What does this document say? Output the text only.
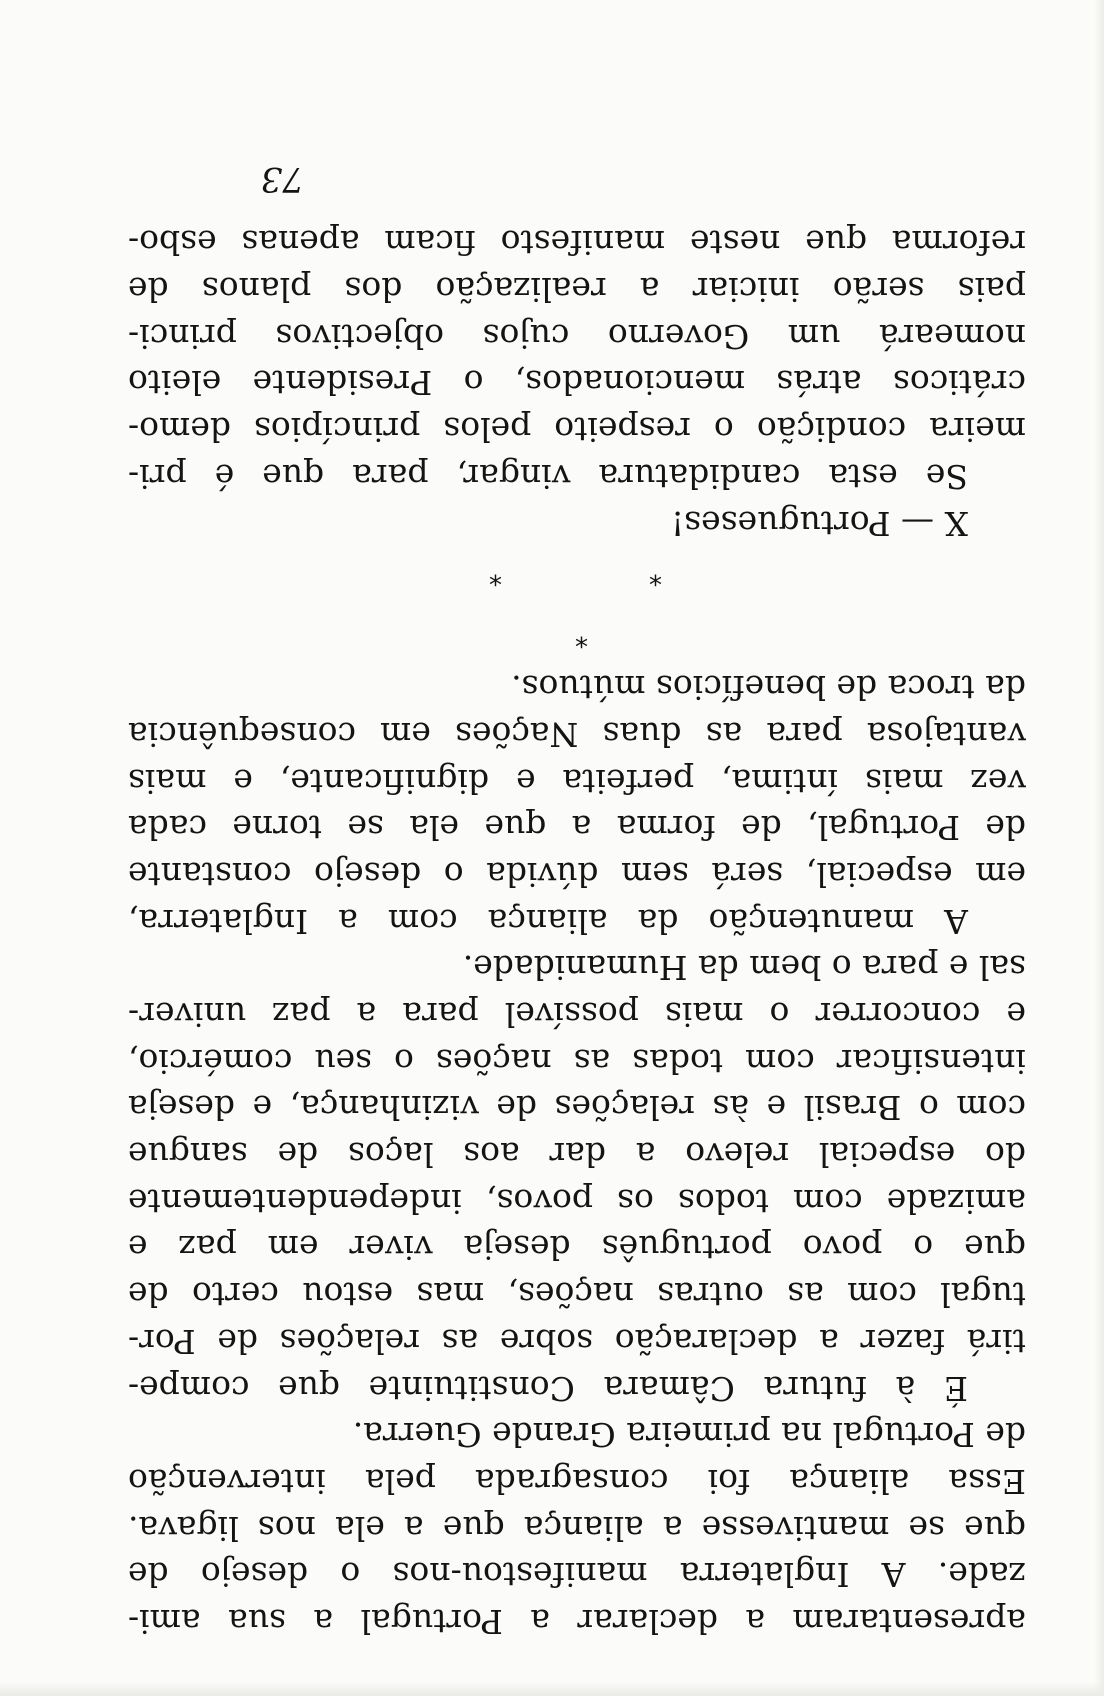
apresentaram a declarar a Portugal a sua ami-
zade. A Inglaterra manifestou-nos o desejo de
que se mantivesse a aliança que a ela nos ligava.
Essa aliança foi consagrada pela intervenção
de Portugal na primeira Grande Guerra.
É à futura Câmara Constituinte que compe-
tirá fazer a declaração sobre as relações de Por-
tugal com as outras nações, mas estou certo de
que o povo português deseja viver em paz e
amizade com todos os povos, independentemente
do especial relevo a dar aos laços de sangue
com o Brasil e às relações de vizinhança, e deseja
intensificar com todas as nações o seu comércio,
e concorrer o mais possível para a paz univer-
sal e para o bem da Humanidade.
A manutenção da aliança com a Inglaterra,
em especial, será sem dúvida o desejo constante
de Portugal, de forma a que ela se torne cada
vez mais íntima, perfeita e dignificante, e mais
vantajosa para as duas Nações em consequência
da troca de benefícios mútuos.
*
*
*
X — Portugueses!
Se esta candidatura vingar, para que é pri-
meira condição o respeito pelos princípios demo-
cráticos atrás mencionados, o Presidente eleito
nomeará um Governo cujos objectivos princi-
pais serão iniciar a realização dos planos de
reforma que neste manifesto ficam apenas esbo-
73
